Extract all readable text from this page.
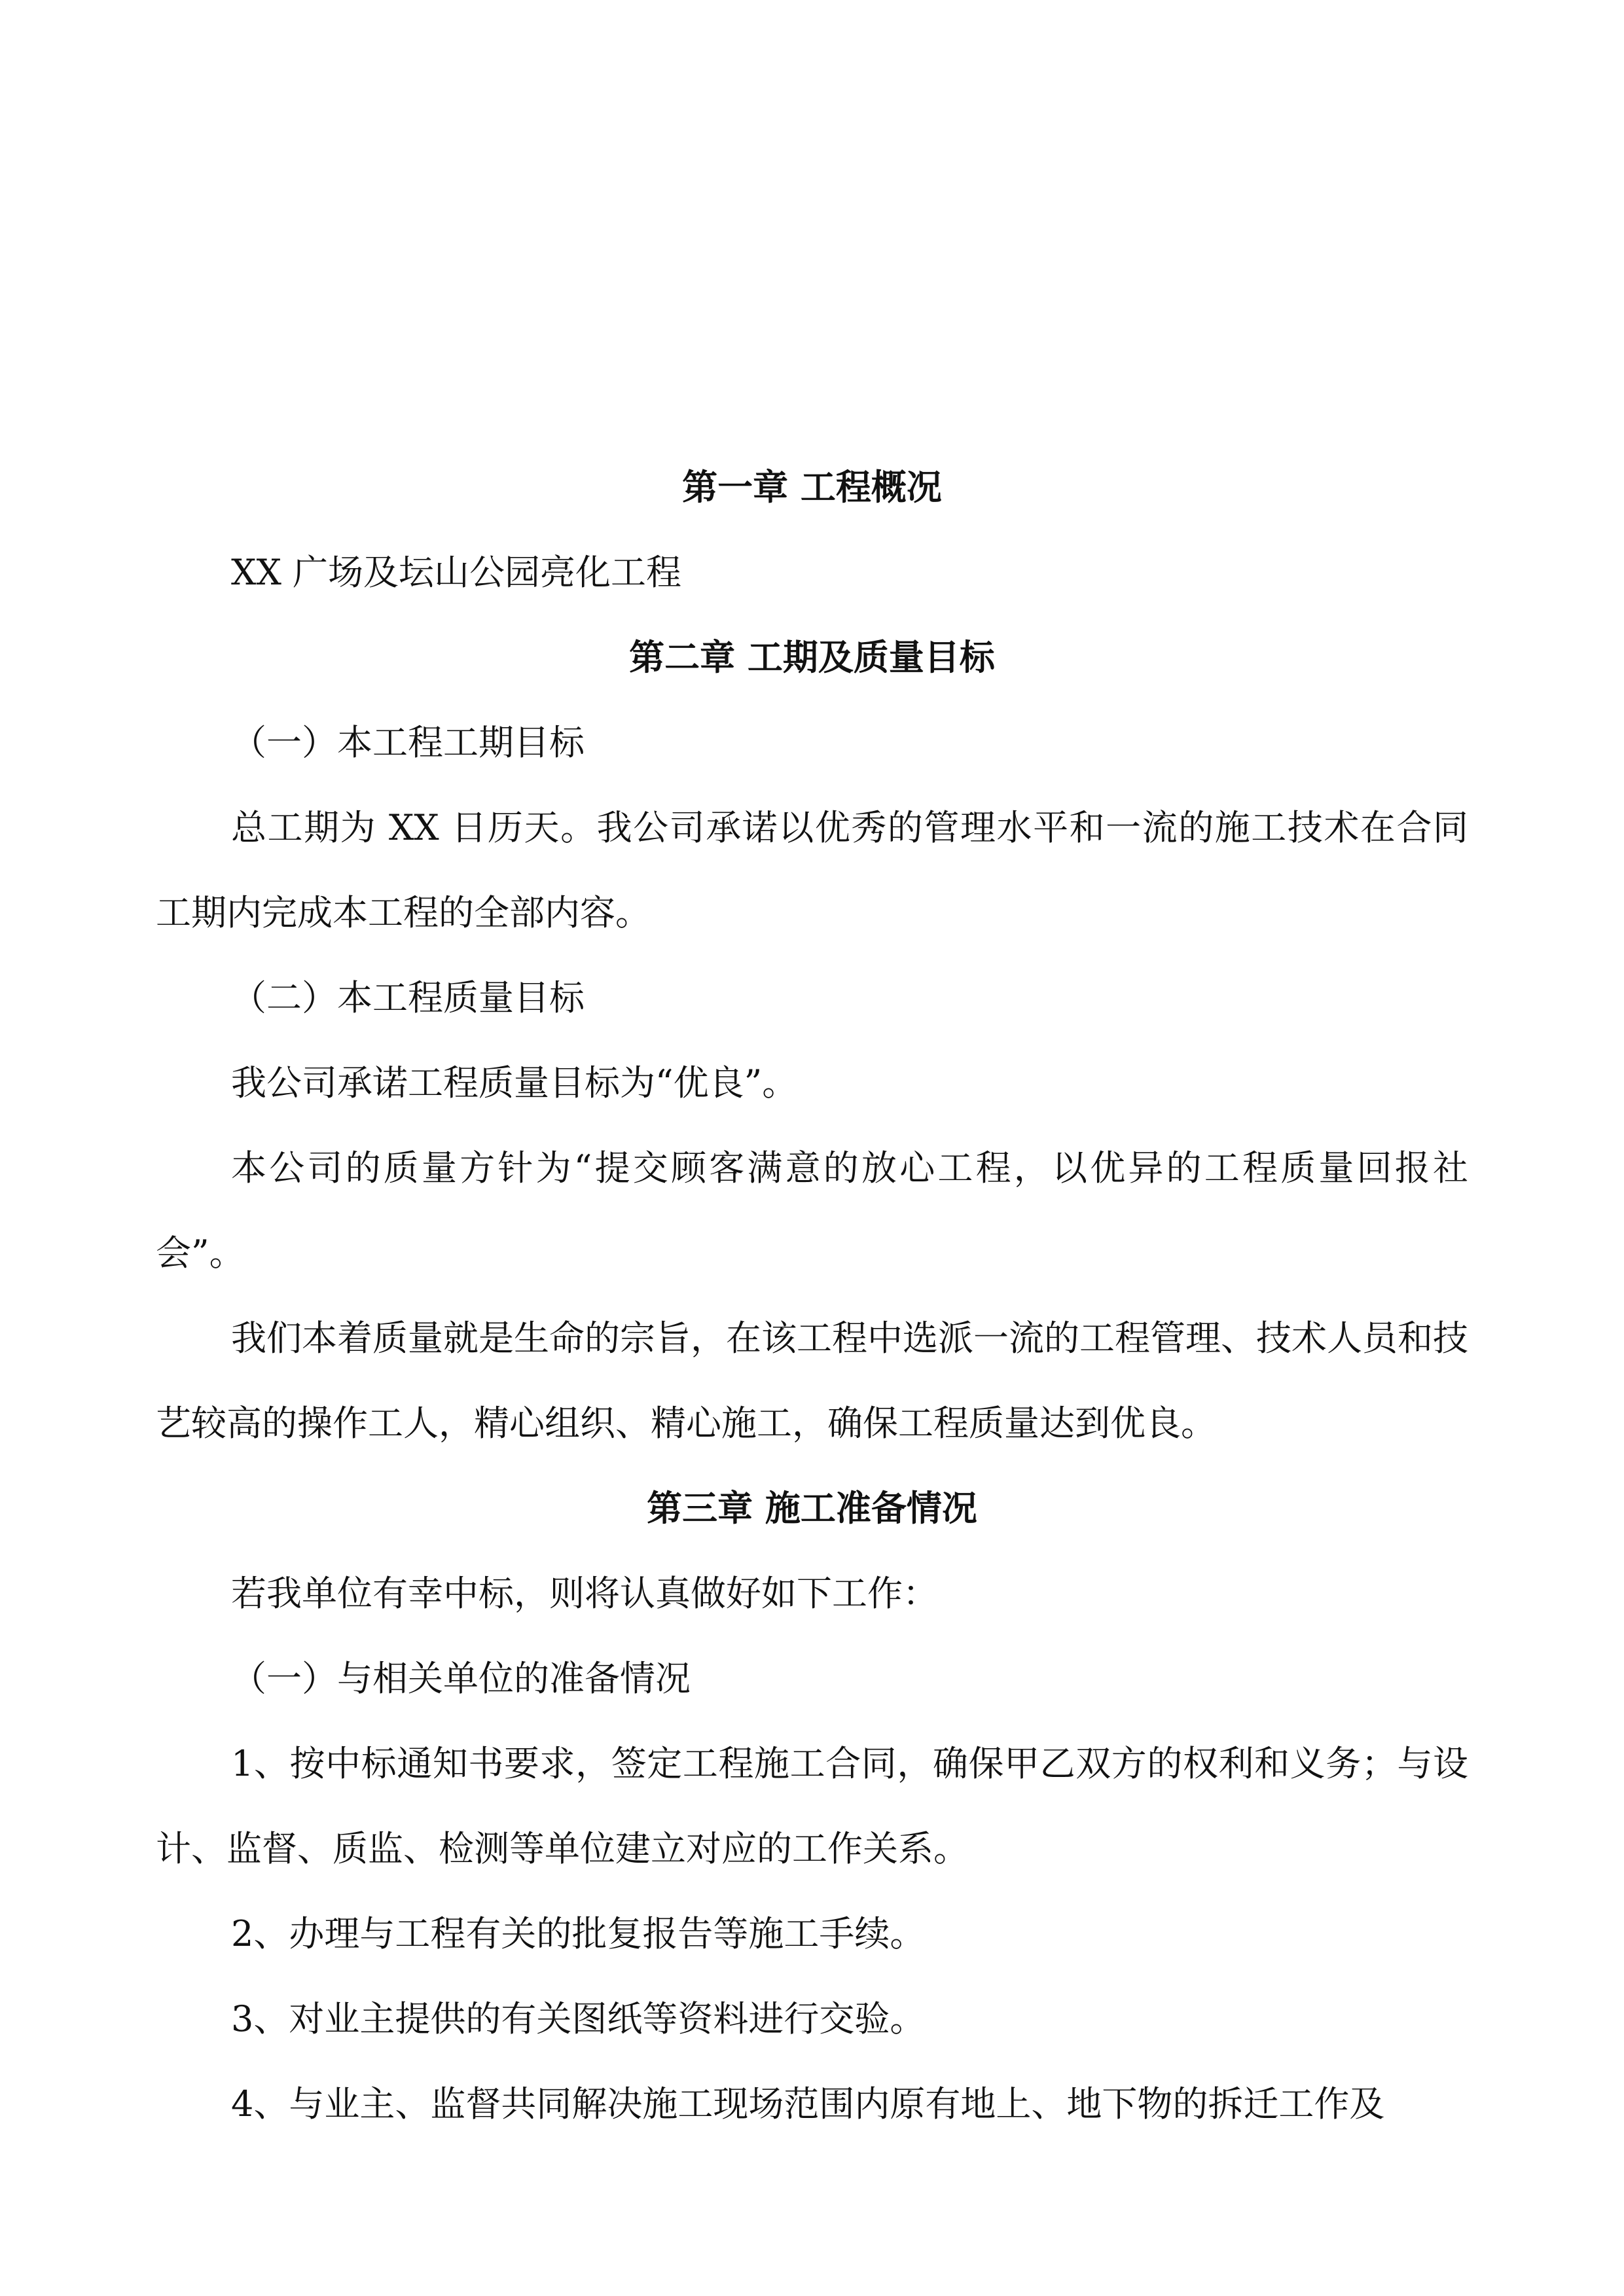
第一章 工程概况

XX 广场及坛山公园亮化工程

第二章 工期及质量目标

（一）本工程工期目标

总工期为 XX 日历天。我公司承诺以优秀的管理水平和一流的施工技术在合同工期内完成本工程的全部内容。

（二）本工程质量目标

我公司承诺工程质量目标为“优良”。

本公司的质量方针为“提交顾客满意的放心工程，以优异的工程质量回报社会”。

我们本着质量就是生命的宗旨，在该工程中选派一流的工程管理、技术人员和技艺较高的操作工人，精心组织、精心施工，确保工程质量达到优良。

第三章 施工准备情况

若我单位有幸中标，则将认真做好如下工作：

（一）与相关单位的准备情况

1、按中标通知书要求，签定工程施工合同，确保甲乙双方的权利和义务；与设计、监督、质监、检测等单位建立对应的工作关系。

2、办理与工程有关的批复报告等施工手续。

3、对业主提供的有关图纸等资料进行交验。

4、与业主、监督共同解决施工现场范围内原有地上、地下物的拆迁工作及
